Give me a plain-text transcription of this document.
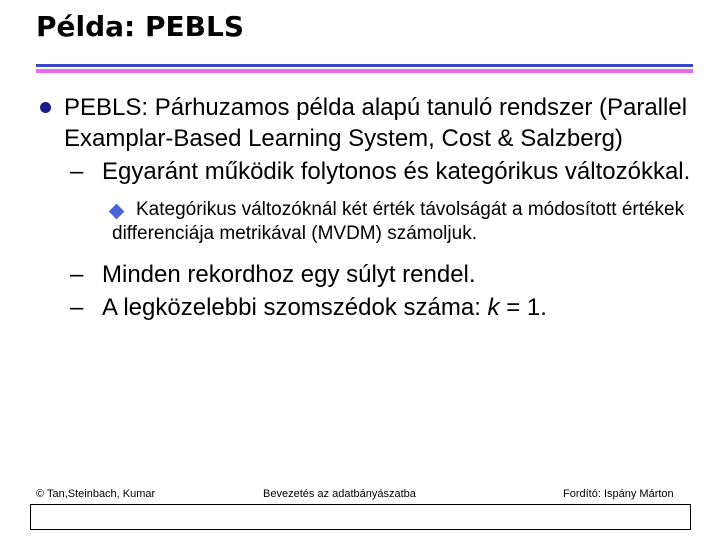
Példa: PEBLS
PEBLS: Párhuzamos példa alapú tanuló rendszer (Parallel Examplar-Based Learning System, Cost & Salzberg)
– Egyaránt működik folytonos és kategórikus változókkal.
Kategórikus változóknál két érték távolságát a módosított értékek differenciája metrikával (MVDM) számoljuk.
– Minden rekordhoz egy súlyt rendel.
– A legközelebbi szomszédok száma: k = 1.
© Tan,Steinbach, Kumar	Bevezetés az adatbányászatba	Fordító: Ispány Márton
